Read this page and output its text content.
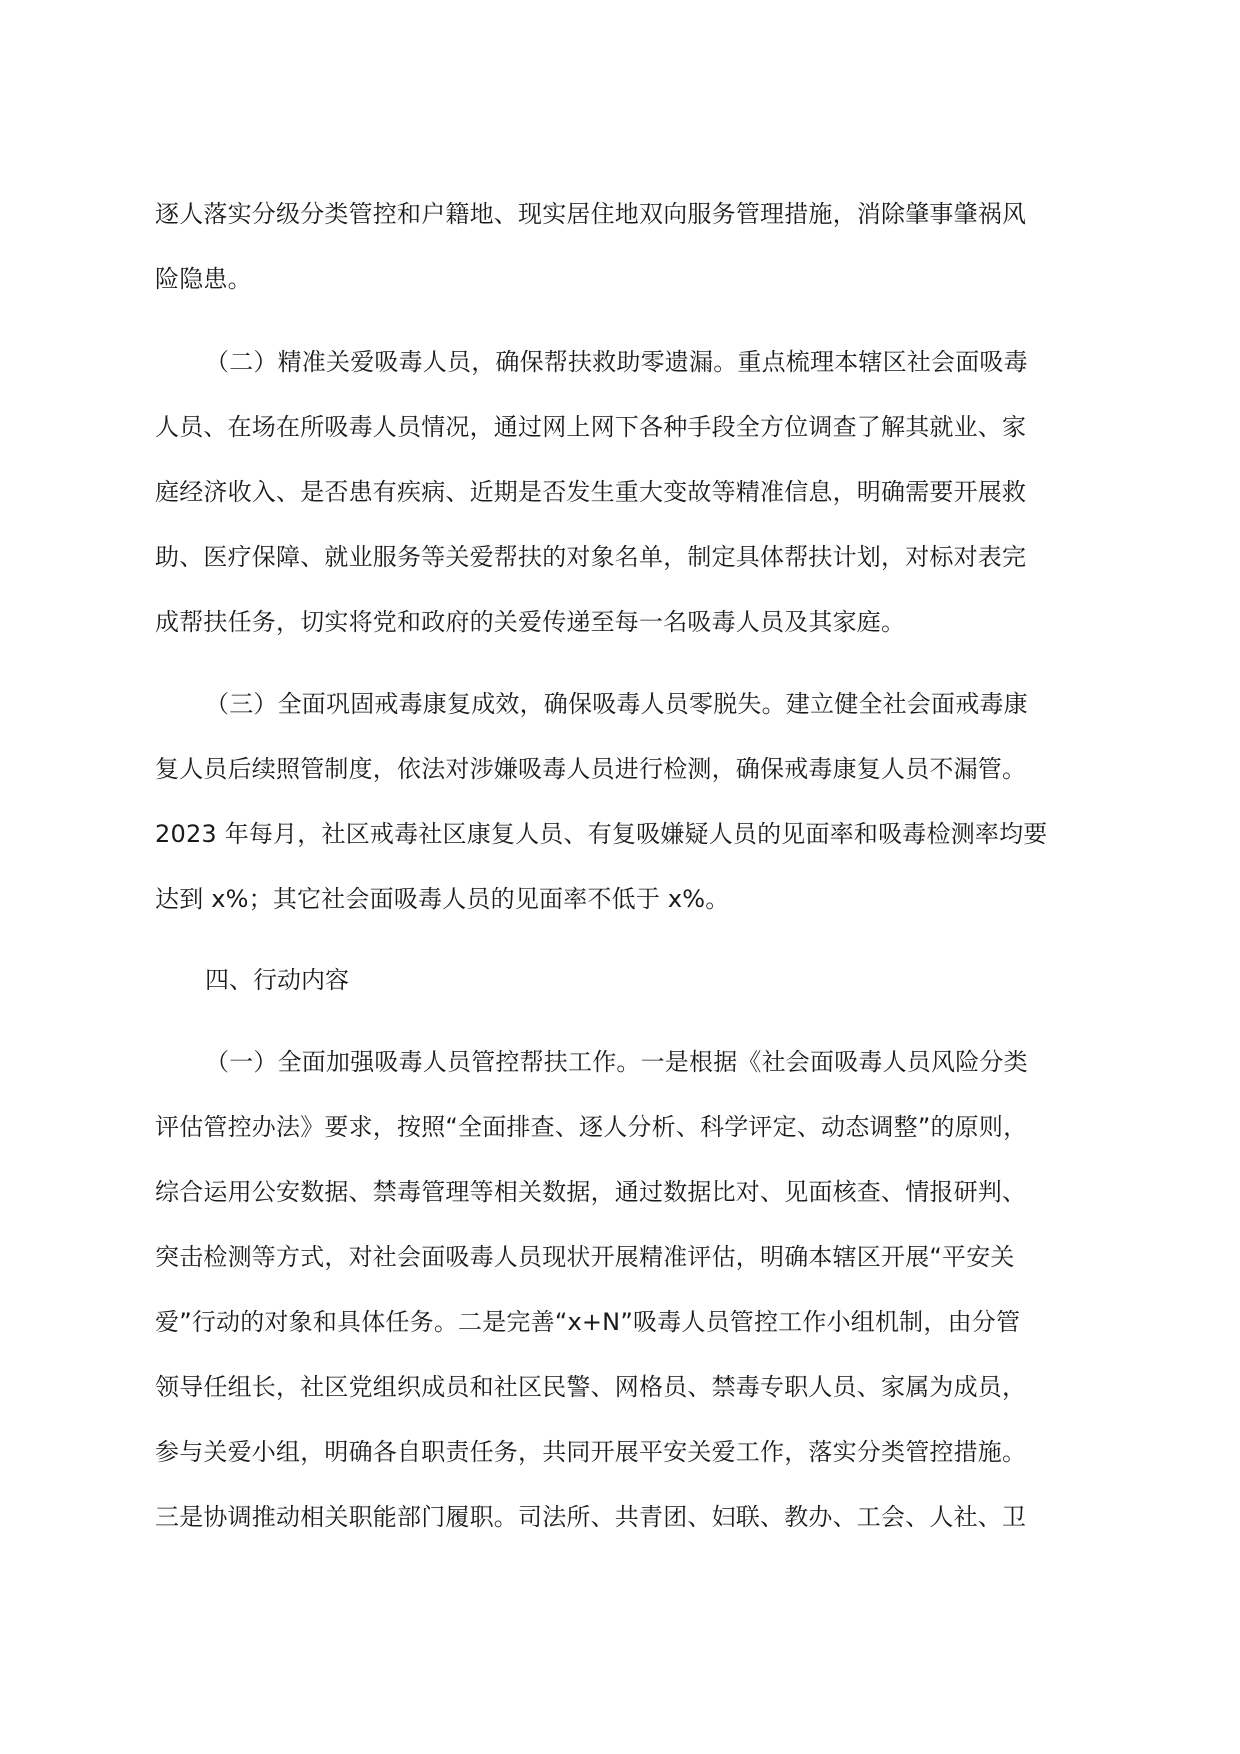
逐人落实分级分类管控和户籍地、现实居住地双向服务管理措施，消除肇事肇祸风
险隐患。
（二）精准关爱吸毒人员，确保帮扶救助零遗漏。重点梳理本辖区社会面吸毒
人员、在场在所吸毒人员情况，通过网上网下各种手段全方位调查了解其就业、家
庭经济收入、是否患有疾病、近期是否发生重大变故等精准信息，明确需要开展救
助、医疗保障、就业服务等关爱帮扶的对象名单，制定具体帮扶计划，对标对表完
成帮扶任务，切实将党和政府的关爱传递至每一名吸毒人员及其家庭。
（三）全面巩固戒毒康复成效，确保吸毒人员零脱失。建立健全社会面戒毒康
复人员后续照管制度，依法对涉嫌吸毒人员进行检测，确保戒毒康复人员不漏管。
2023 年每月，社区戒毒社区康复人员、有复吸嫌疑人员的见面率和吸毒检测率均要
达到 x%；其它社会面吸毒人员的见面率不低于 x%。
四、行动内容
（一）全面加强吸毒人员管控帮扶工作。一是根据《社会面吸毒人员风险分类
评估管控办法》要求，按照“全面排查、逐人分析、科学评定、动态调整”的原则，
综合运用公安数据、禁毒管理等相关数据，通过数据比对、见面核查、情报研判、
突击检测等方式，对社会面吸毒人员现状开展精准评估，明确本辖区开展“平安关
爱”行动的对象和具体任务。二是完善“x+N”吸毒人员管控工作小组机制，由分管
领导任组长，社区党组织成员和社区民警、网格员、禁毒专职人员、家属为成员，
参与关爱小组，明确各自职责任务，共同开展平安关爱工作，落实分类管控措施。
三是协调推动相关职能部门履职。司法所、共青团、妇联、教办、工会、人社、卫
